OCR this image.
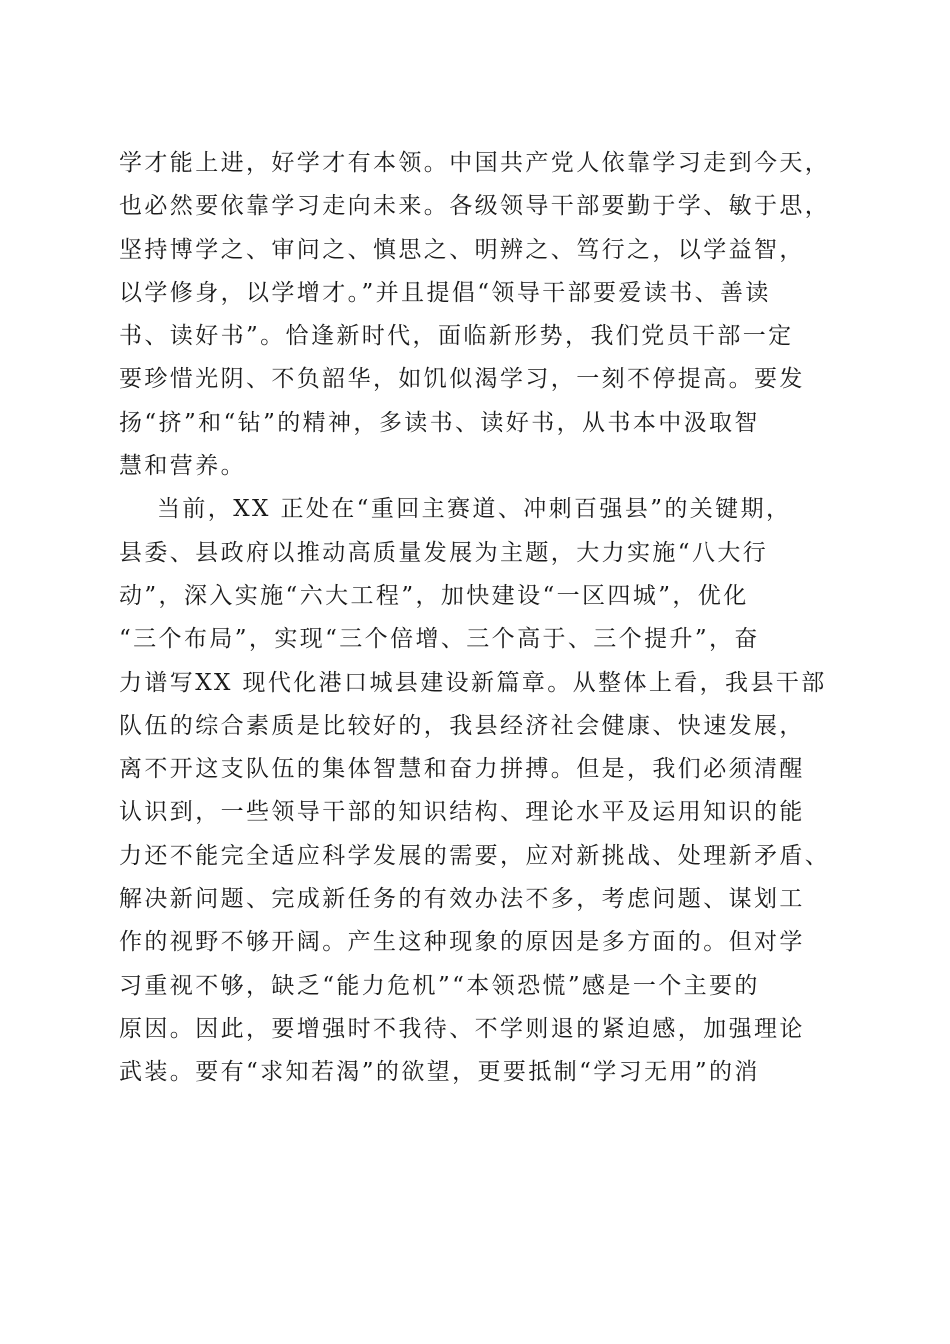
学才能上进，好学才有本领。中国共产党人依靠学习走到今天，
也必然要依靠学习走向未来。各级领导干部要勤于学、敏于思，
坚持博学之、审问之、慎思之、明辨之、笃行之，以学益智，
以学修身，以学增才。”并且提倡“领导干部要爱读书、善读
书、读好书”。恰逢新时代，面临新形势，我们党员干部一定
要珍惜光阴、不负韶华，如饥似渴学习，一刻不停提高。要发
扬“挤”和“钻”的精神，多读书、读好书，从书本中汲取智
慧和营养。
当前，XX 正处在“重回主赛道、冲刺百强县”的关键期，
县委、县政府以推动高质量发展为主题，大力实施“八大行
动”，深入实施“六大工程”，加快建设“一区四城”，优化
“三个布局”，实现“三个倍增、三个高于、三个提升”，奋
力谱写XX 现代化港口城县建设新篇章。从整体上看，我县干部
队伍的综合素质是比较好的，我县经济社会健康、快速发展，
离不开这支队伍的集体智慧和奋力拼搏。但是，我们必须清醒
认识到，一些领导干部的知识结构、理论水平及运用知识的能
力还不能完全适应科学发展的需要，应对新挑战、处理新矛盾、
解决新问题、完成新任务的有效办法不多，考虑问题、谋划工
作的视野不够开阔。产生这种现象的原因是多方面的。但对学
习重视不够，缺乏“能力危机”“本领恐慌”感是一个主要的
原因。因此，要增强时不我待、不学则退的紧迫感，加强理论
武装。要有“求知若渴”的欲望，更要抵制“学习无用”的消
